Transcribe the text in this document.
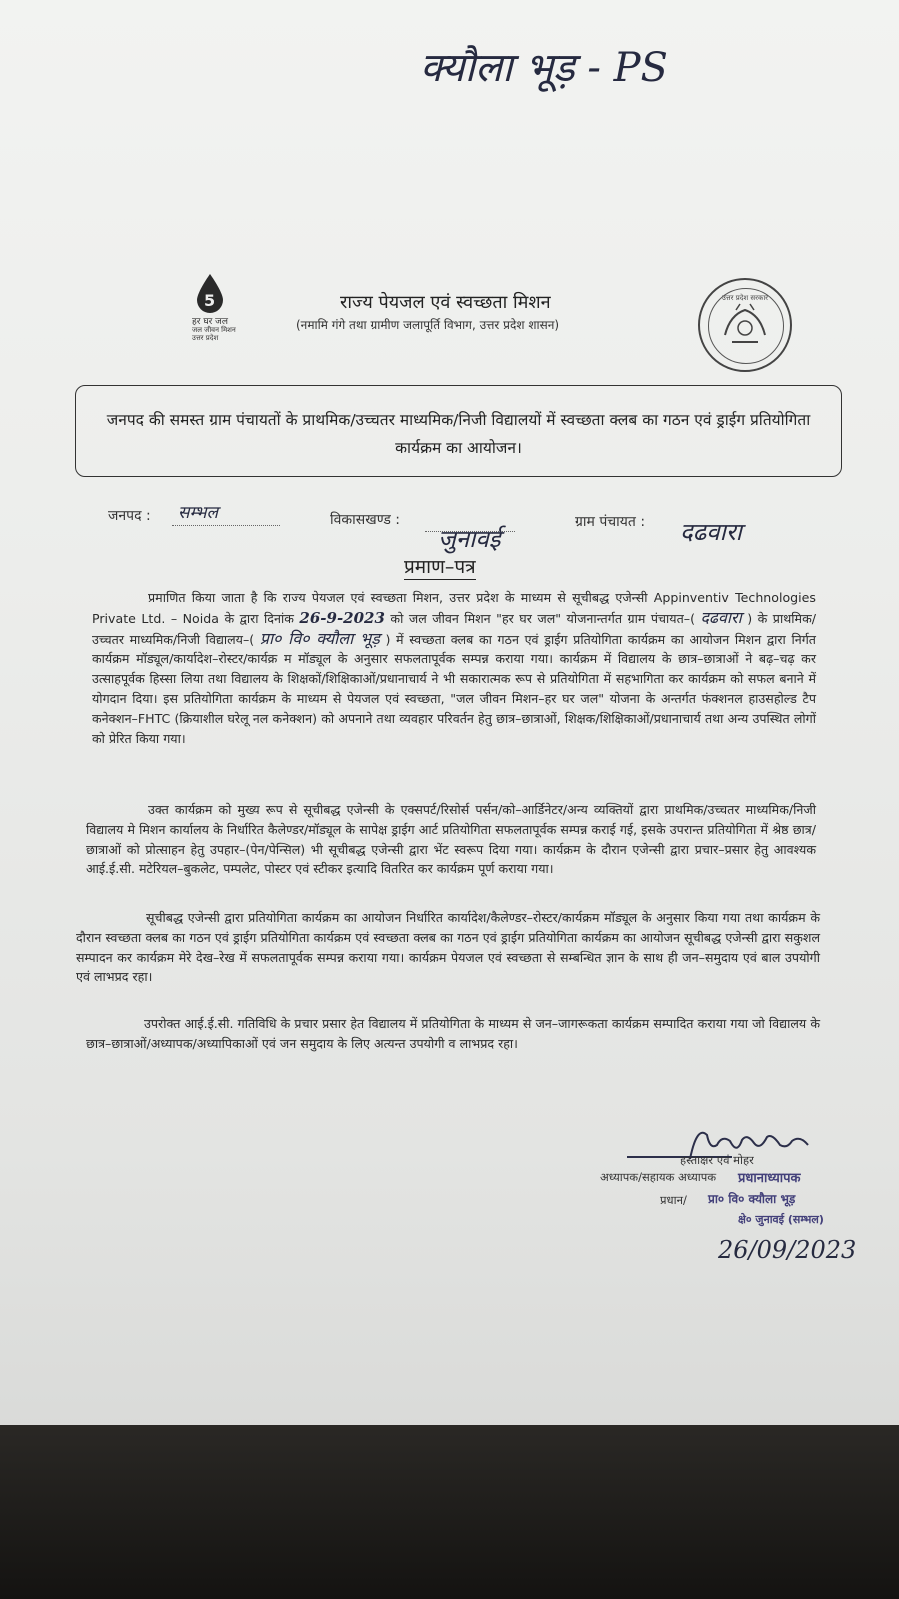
क्यौला भूड़ - PS
5
हर घर जल
जल जीवन मिशन
उत्तर प्रदेश
राज्य पेयजल एवं स्वच्छता मिशन
(नमामि गंगे तथा ग्रामीण जलापूर्ति विभाग, उत्तर प्रदेश शासन)
उत्तर प्रदेश सरकार
जनपद की समस्त ग्राम पंचायतों के प्राथमिक/उच्चतर माध्यमिक/निजी विद्यालयों में स्वच्छता क्लब का गठन एवं ड्राईग प्रतियोगिता कार्यक्रम का आयोजन।
जनपद : सम्भल	विकासखण्ड :
जुनावई
ग्राम पंचायत : दढवारा
प्रमाण–पत्र
प्रमाणित किया जाता है कि राज्य पेयजल एवं स्वच्छता मिशन, उत्तर प्रदेश के माध्यम से सूचीबद्ध एजेन्सी Appinventiv Technologies Private Ltd. – Noida के द्वारा दिनांक 26-9-2023 को जल जीवन मिशन "हर घर जल" योजनान्तर्गत ग्राम पंचायत–( दढवारा ) के प्राथमिक/उच्चतर माध्यमिक/निजी विद्यालय–( प्रा० वि० क्यौला भूड़ ) में स्वच्छता क्लब का गठन एवं ड्राईग प्रतियोगिता कार्यक्रम का आयोजन मिशन द्वारा निर्गत कार्यक्रम मॉड्यूल/कार्यादेश–रोस्टर/कार्यक्र म मॉड्यूल के अनुसार सफलतापूर्वक सम्पन्न कराया गया। कार्यक्रम में विद्यालय के छात्र–छात्राओं ने बढ़–चढ़ कर उत्साहपूर्वक हिस्सा लिया तथा विद्यालय के शिक्षकों/शिक्षिकाओं/प्रधानाचार्य ने भी सकारात्मक रूप से प्रतियोगिता में सहभागिता कर कार्यक्रम को सफल बनाने में योगदान दिया। इस प्रतियोगिता कार्यक्रम के माध्यम से पेयजल एवं स्वच्छता, "जल जीवन मिशन–हर घर जल" योजना के अन्तर्गत फंक्शनल हाउसहोल्ड टैप कनेक्शन–FHTC (क्रियाशील घरेलू नल कनेक्शन) को अपनाने तथा व्यवहार परिवर्तन हेतु छात्र–छात्राओं, शिक्षक/शिक्षिकाओं/प्रधानाचार्य तथा अन्य उपस्थित लोगों को प्रेरित किया गया।
उक्त कार्यक्रम को मुख्य रूप से सूचीबद्ध एजेन्सी के एक्सपर्ट/रिसोर्स पर्सन/को–आर्डिनेटर/अन्य व्यक्तियों द्वारा प्राथमिक/उच्चतर माध्यमिक/निजी विद्यालय मे मिशन कार्यालय के निर्धारित कैलेण्डर/मॉड्यूल के सापेक्ष ड्राईग आर्ट प्रतियोगिता सफलतापूर्वक सम्पन्न कराई गई, इसके उपरान्त प्रतियोगिता में श्रेष्ठ छात्र/छात्राओं को प्रोत्साहन हेतु उपहार–(पेन/पेन्सिल) भी सूचीबद्ध एजेन्सी द्वारा भेंट स्वरूप दिया गया। कार्यक्रम के दौरान एजेन्सी द्वारा प्रचार–प्रसार हेतु आवश्यक आई.ई.सी. मटेरियल–बुकलेट, पम्पलेट, पोस्टर एवं स्टीकर इत्यादि वितरित कर कार्यक्रम पूर्ण कराया गया।
सूचीबद्ध एजेन्सी द्वारा प्रतियोगिता कार्यक्रम का आयोजन निर्धारित कार्यादेश/कैलेण्डर–रोस्टर/कार्यक्रम मॉड्यूल के अनुसार किया गया तथा कार्यक्रम के दौरान स्वच्छता क्लब का गठन एवं ड्राईग प्रतियोगिता कार्यक्रम एवं स्वच्छता क्लब का गठन एवं ड्राईग प्रतियोगिता कार्यक्रम का आयोजन सूचीबद्ध एजेन्सी द्वारा सकुशल सम्पादन कर कार्यक्रम मेरे देख–रेख में सफलतापूर्वक सम्पन्न कराया गया। कार्यक्रम पेयजल एवं स्वच्छता से सम्बन्धित ज्ञान के साथ ही जन–समुदाय एवं बाल उपयोगी एवं लाभप्रद रहा।
उपरोक्त आई.ई.सी. गतिविधि के प्रचार प्रसार हेत विद्यालय में प्रतियोगिता के माध्यम से जन–जागरूकता कार्यक्रम सम्पादित कराया गया जो विद्यालय के छात्र–छात्राओं/अध्यापक/अध्यापिकाओं एवं जन समुदाय के लिए अत्यन्त उपयोगी व लाभप्रद रहा।
हस्ताक्षर एवं मोहर
अध्यापक/सहायक अध्यापक प्रधानाध्यापक
प्रधान/ प्रा० वि० क्यौला भूड़
क्षे० जुनावई (सम्भल)
26/09/2023
